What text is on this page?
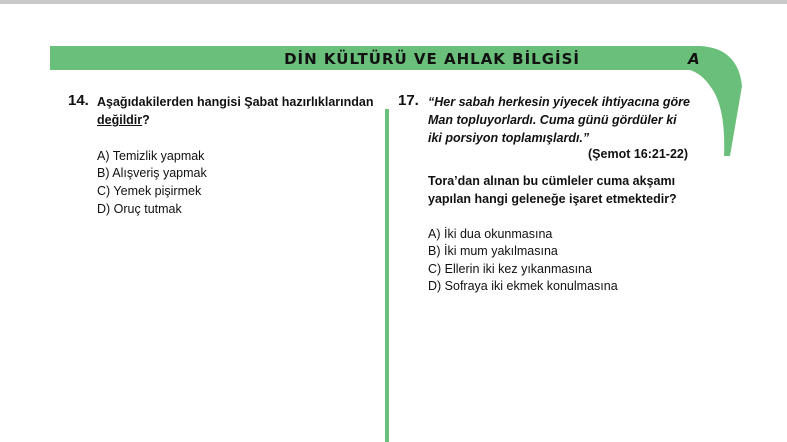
DİN KÜLTÜRÜ VE AHLAK BİLGİSİ	A
14. Aşağıdakilerden hangisi Şabat hazırlıklarından
değildir?
A) Temizlik yapmak
B) Alışveriş yapmak
C) Yemek pişirmek
D) Oruç tutmak
17. “Her sabah herkesin yiyecek ihtiyacına göre
Man topluyorlardı. Cuma günü gördüler ki
iki porsiyon toplamışlardı.”
(Şemot 16:21-22)
Tora’dan alınan bu cümleler cuma akşamı
yapılan hangi geleneğe işaret etmektedir?
A) İki dua okunmasına
B) İki mum yakılmasına
C) Ellerin iki kez yıkanmasına
D) Sofraya iki ekmek konulmasına
